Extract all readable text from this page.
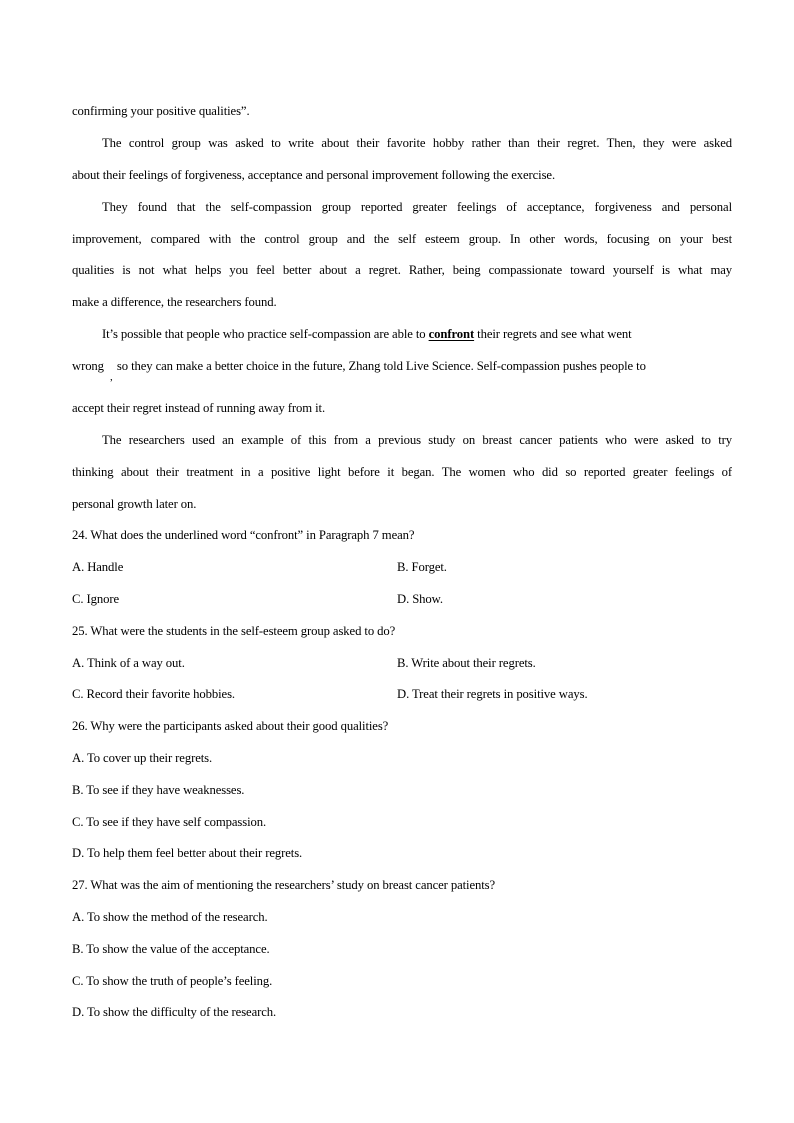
confirming your positive qualities”.
The control group was asked to write about their favorite hobby rather than their regret. Then, they were asked
about their feelings of forgiveness, acceptance and personal improvement following the exercise.
They found that the self-compassion group reported greater feelings of acceptance, forgiveness and personal
improvement, compared with the control group and the self esteem group. In other words, focusing on your best
qualities is not what helps you feel better about a regret. Rather, being compassionate toward yourself is what may
make a difference, the researchers found.
It’s possible that people who practice self-compassion are able to confront their regrets and see what went
wrong so they can make a better choice in the future, Zhang told Live Science. Self-compassion pushes people to
,
accept their regret instead of running away from it.
The researchers used an example of this from a previous study on breast cancer patients who were asked to try
thinking about their treatment in a positive light before it began. The women who did so reported greater feelings of
personal growth later on.
24. What does the underlined word “confront” in Paragraph 7 mean?
A. Handle	B. Forget.
C. Ignore	D. Show.
25. What were the students in the self-esteem group asked to do?
A. Think of a way out.	B. Write about their regrets.
C. Record their favorite hobbies.	D. Treat their regrets in positive ways.
26. Why were the participants asked about their good qualities?
A. To cover up their regrets.
B. To see if they have weaknesses.
C. To see if they have self compassion.
D. To help them feel better about their regrets.
27. What was the aim of mentioning the researchers’ study on breast cancer patients?
A. To show the method of the research.
B. To show the value of the acceptance.
C. To show the truth of people’s feeling.
D. To show the difficulty of the research.
